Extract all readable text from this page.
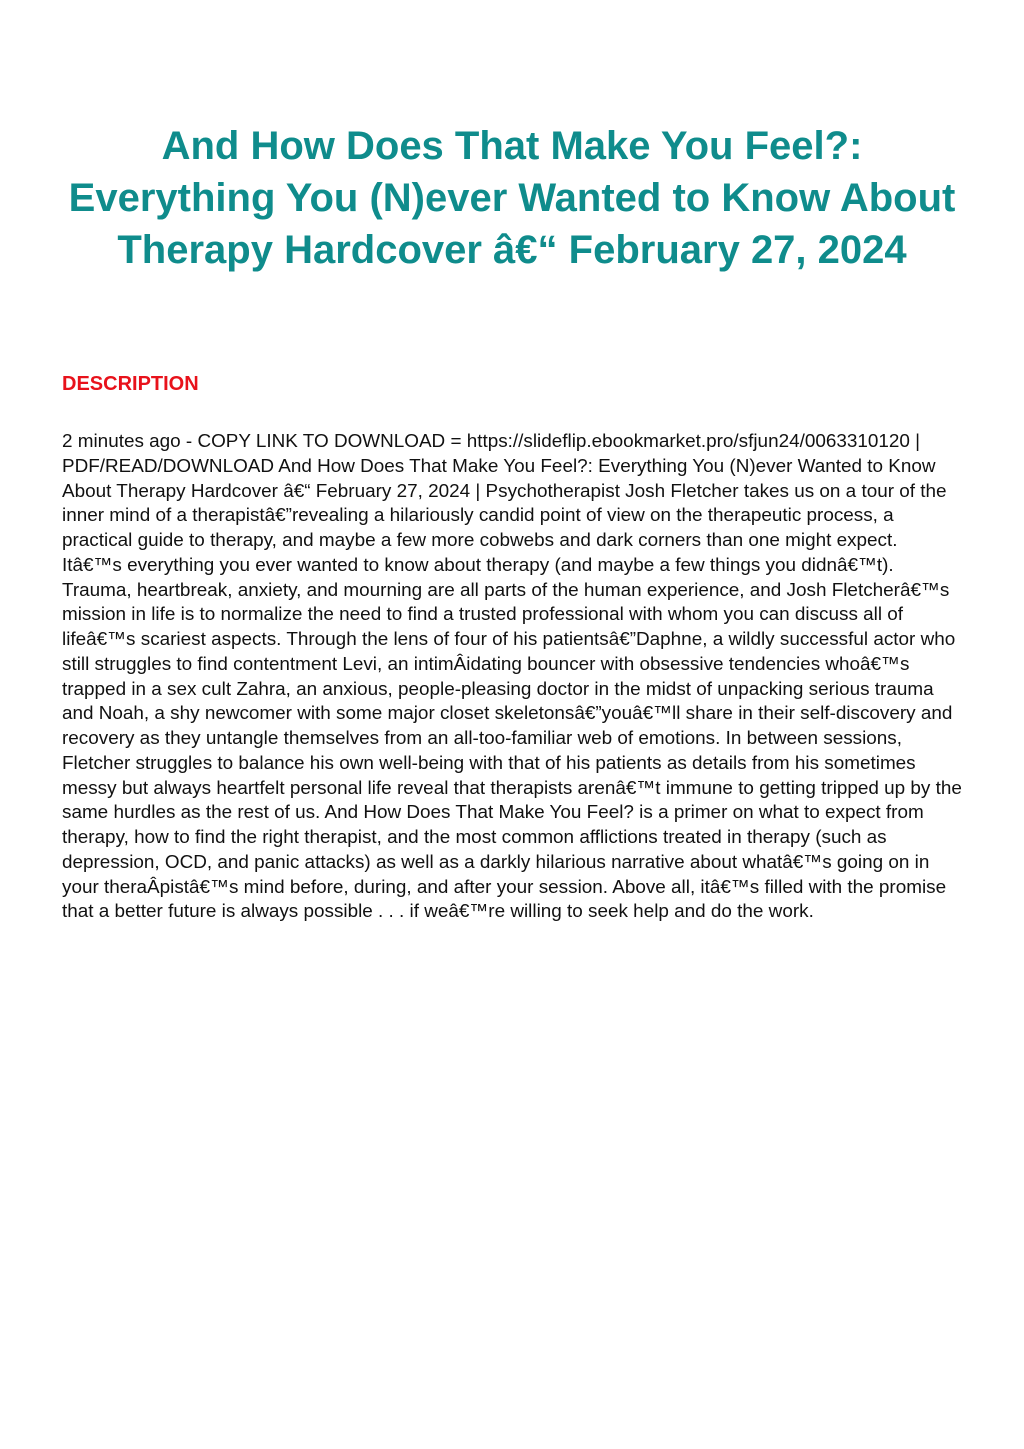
And How Does That Make You Feel?: Everything You (N)ever Wanted to Know About Therapy Hardcover â€“ February 27, 2024
DESCRIPTION

2 minutes ago - COPY LINK TO DOWNLOAD = https://slideflip.ebookmarket.pro/sfjun24/0063310120 | PDF/READ/DOWNLOAD And How Does That Make You Feel?: Everything You (N)ever Wanted to Know About Therapy Hardcover â€“ February 27, 2024 | Psychotherapist Josh Fletcher takes us on a tour of the inner mind of a therapistâ€”revealing a hilariously candid point of view on the therapeutic process, a practical guide to therapy, and maybe a few more cobwebs and dark corners than one might expect. Itâ€™s everything you ever wanted to know about therapy (and maybe a few things you didnâ€™t). Trauma, heartbreak, anxiety, and mourning are all parts of the human experience, and Josh Fletcherâ€™s mission in life is to normalize the need to find a trusted professional with whom you can discuss all of lifeâ€™s scariest aspects. Through the lens of four of his patientsâ€”Daphne, a wildly successful actor who still struggles to find contentment Levi, an intimÂidating bouncer with obsessive tendencies whoâ€™s trapped in a sex cult Zahra, an anxious, people-pleasing doctor in the midst of unpacking serious trauma and Noah, a shy newcomer with some major closet skeletonsâ€”youâ€™ll share in their self-discovery and recovery as they untangle themselves from an all-too-familiar web of emotions. In between sessions, Fletcher struggles to balance his own well-being with that of his patients as details from his sometimes messy but always heartfelt personal life reveal that therapists arenâ€™t immune to getting tripped up by the same hurdles as the rest of us. And How Does That Make You Feel? is a primer on what to expect from therapy, how to find the right therapist, and the most common afflictions treated in therapy (such as depression, OCD, and panic attacks) as well as a darkly hilarious narrative about whatâ€™s going on in your theraÂpistâ€™s mind before, during, and after your session. Above all, itâ€™s filled with the promise that a better future is always possible . . . if weâ€™re willing to seek help and do the work.
